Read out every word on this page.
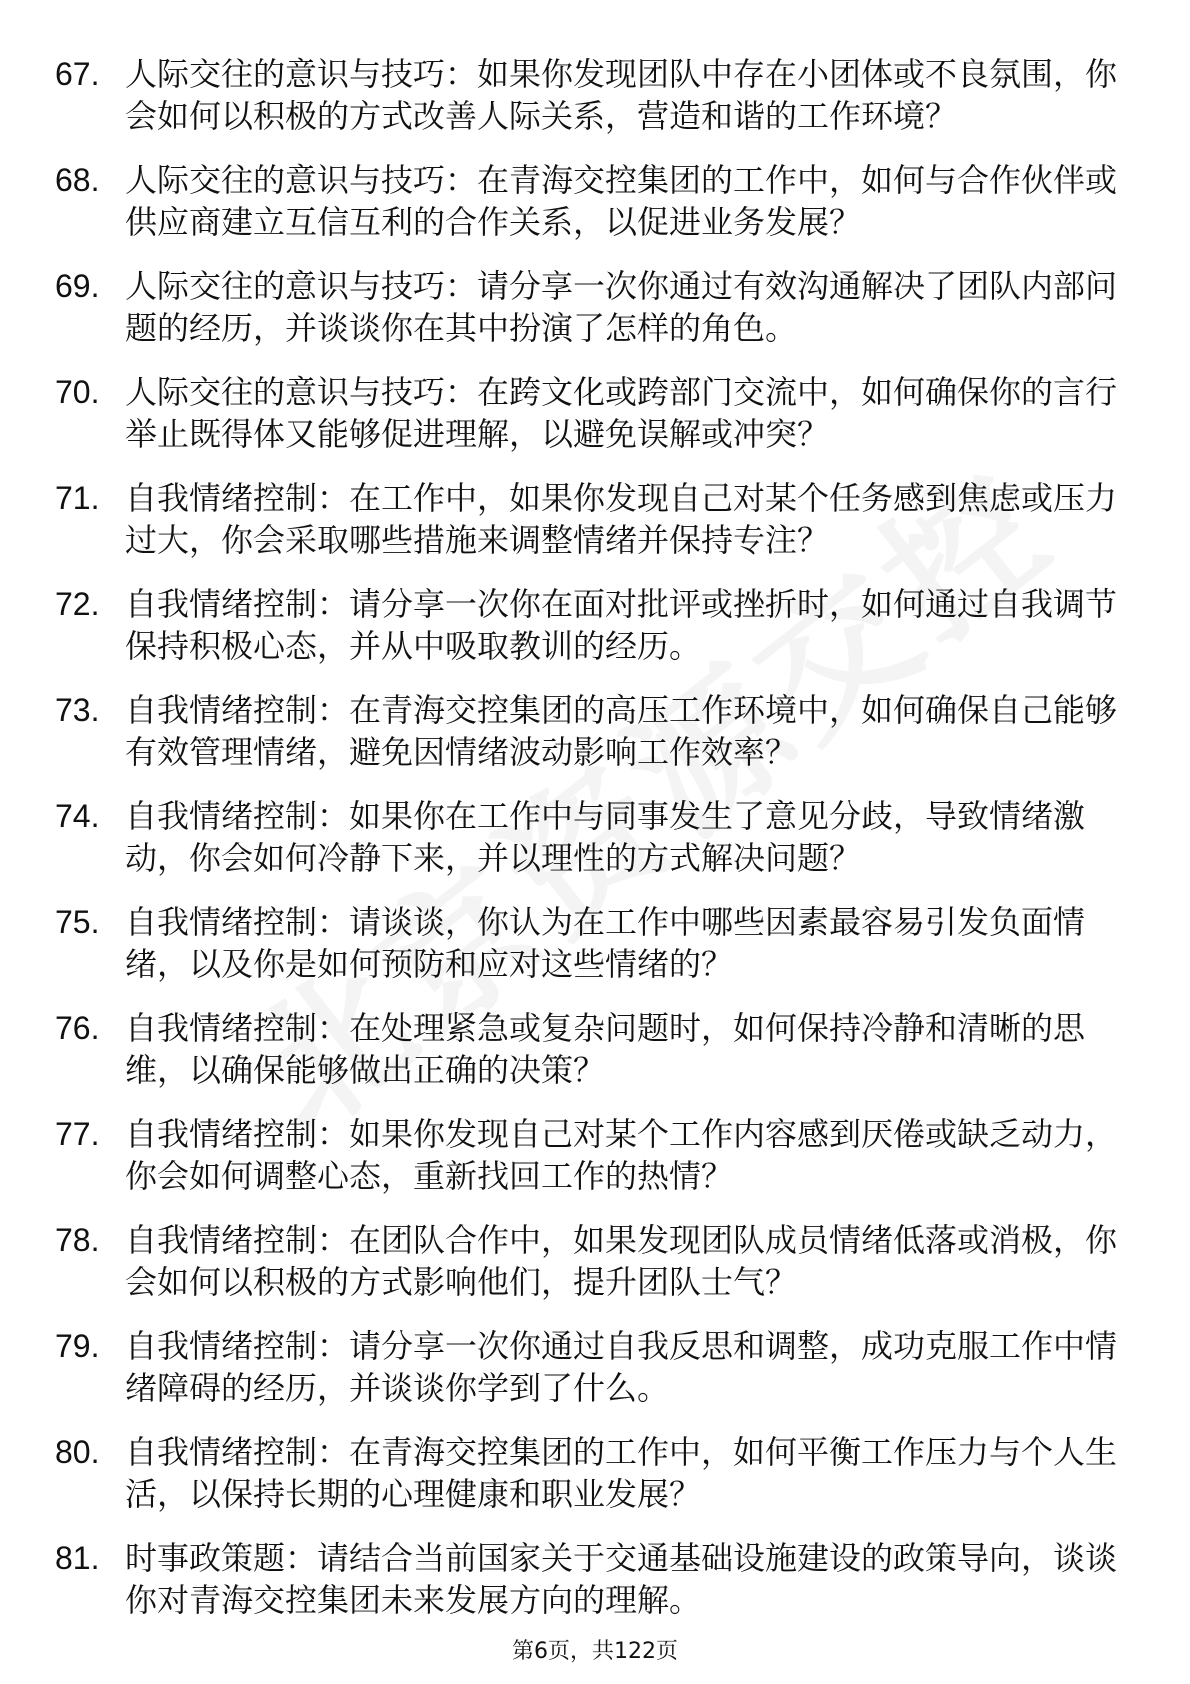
67. 人际交往的意识与技巧：如果你发现团队中存在小团体或不良氛围，你会如何以积极的方式改善人际关系，营造和谐的工作环境？
68. 人际交往的意识与技巧：在青海交控集团的工作中，如何与合作伙伴或供应商建立互信互利的合作关系，以促进业务发展？
69. 人际交往的意识与技巧：请分享一次你通过有效沟通解决了团队内部问题的经历，并谈谈你在其中扮演了怎样的角色。
70. 人际交往的意识与技巧：在跨文化或跨部门交流中，如何确保你的言行举止既得体又能够促进理解，以避免误解或冲突？
71. 自我情绪控制：在工作中，如果你发现自己对某个任务感到焦虑或压力过大，你会采取哪些措施来调整情绪并保持专注？
72. 自我情绪控制：请分享一次你在面对批评或挫折时，如何通过自我调节保持积极心态，并从中吸取教训的经历。
73. 自我情绪控制：在青海交控集团的高压工作环境中，如何确保自己能够有效管理情绪，避免因情绪波动影响工作效率？
74. 自我情绪控制：如果你在工作中与同事发生了意见分歧，导致情绪激动，你会如何冷静下来，并以理性的方式解决问题？
75. 自我情绪控制：请谈谈，你认为在工作中哪些因素最容易引发负面情绪，以及你是如何预防和应对这些情绪的？
76. 自我情绪控制：在处理紧急或复杂问题时，如何保持冷静和清晰的思维，以确保能够做出正确的决策？
77. 自我情绪控制：如果你发现自己对某个工作内容感到厌倦或缺乏动力，你会如何调整心态，重新找回工作的热情？
78. 自我情绪控制：在团队合作中，如果发现团队成员情绪低落或消极，你会如何以积极的方式影响他们，提升团队士气？
79. 自我情绪控制：请分享一次你通过自我反思和调整，成功克服工作中情绪障碍的经历，并谈谈你学到了什么。
80. 自我情绪控制：在青海交控集团的工作中，如何平衡工作压力与个人生活，以保持长期的心理健康和职业发展？
81. 时事政策题：请结合当前国家关于交通基础设施建设的政策导向，谈谈你对青海交控集团未来发展方向的理解。
第6页，共122页
